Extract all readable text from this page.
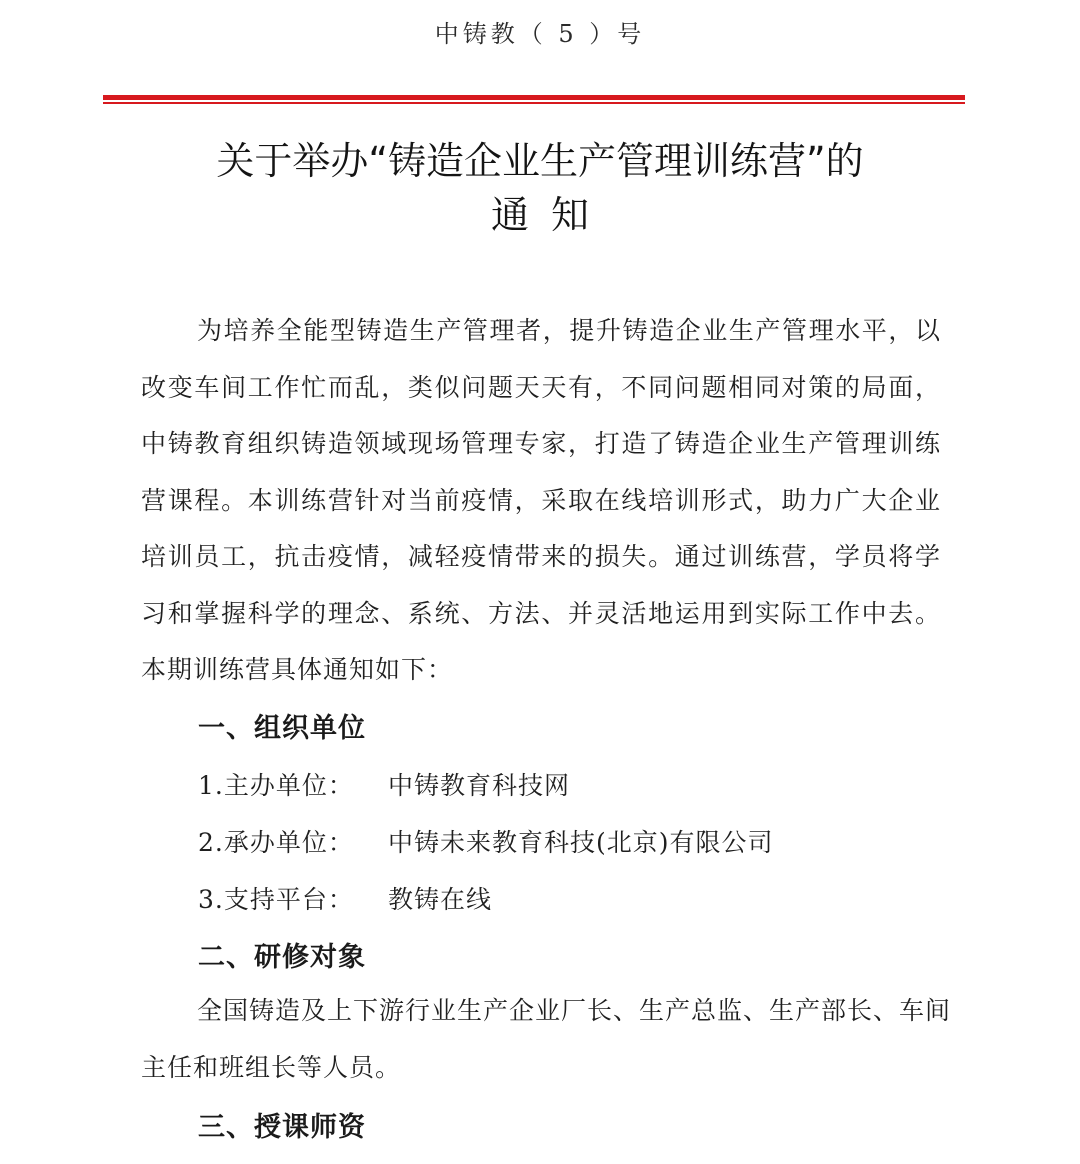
中铸教（ 5 ）号
关于举办“铸造企业生产管理训练营”的
通知
为培养全能型铸造生产管理者，提升铸造企业生产管理水平，以改变车间工作忙而乱，类似问题天天有，不同问题相同对策的局面，中铸教育组织铸造领域现场管理专家，打造了铸造企业生产管理训练营课程。本训练营针对当前疫情，采取在线培训形式，助力广大企业培训员工，抗击疫情，减轻疫情带来的损失。通过训练营，学员将学习和掌握科学的理念、系统、方法、并灵活地运用到实际工作中去。本期训练营具体通知如下：
一、组织单位
1.主办单位： 中铸教育科技网
2.承办单位： 中铸未来教育科技(北京)有限公司
3.支持平台： 教铸在线
二、研修对象
全国铸造及上下游行业生产企业厂长、生产总监、生产部长、车间主任和班组长等人员。
三、授课师资
